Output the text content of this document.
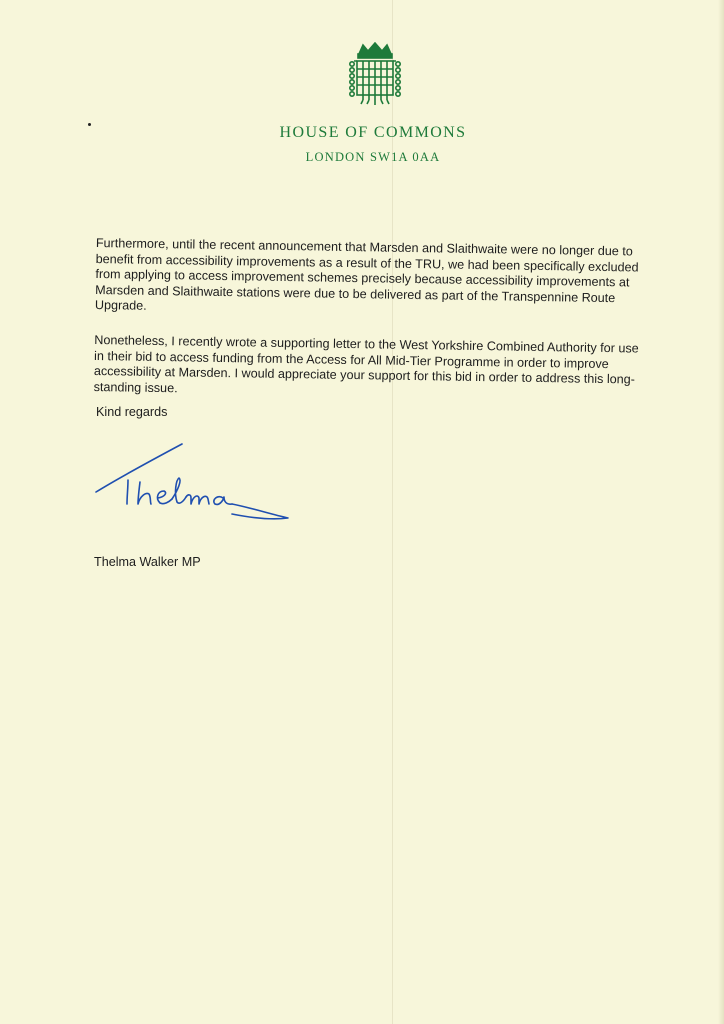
HOUSE OF COMMONS
LONDON SW1A 0AA

Furthermore, until the recent announcement that Marsden and Slaithwaite were no longer due to benefit from accessibility improvements as a result of the TRU, we had been specifically excluded from applying to access improvement schemes precisely because accessibility improvements at Marsden and Slaithwaite stations were due to be delivered as part of the Transpennine Route Upgrade.

Nonetheless, I recently wrote a supporting letter to the West Yorkshire Combined Authority for use in their bid to access funding from the Access for All Mid-Tier Programme in order to improve accessibility at Marsden. I would appreciate your support for this bid in order to address this long-standing issue.

Kind regards
Thelma Walker MP
